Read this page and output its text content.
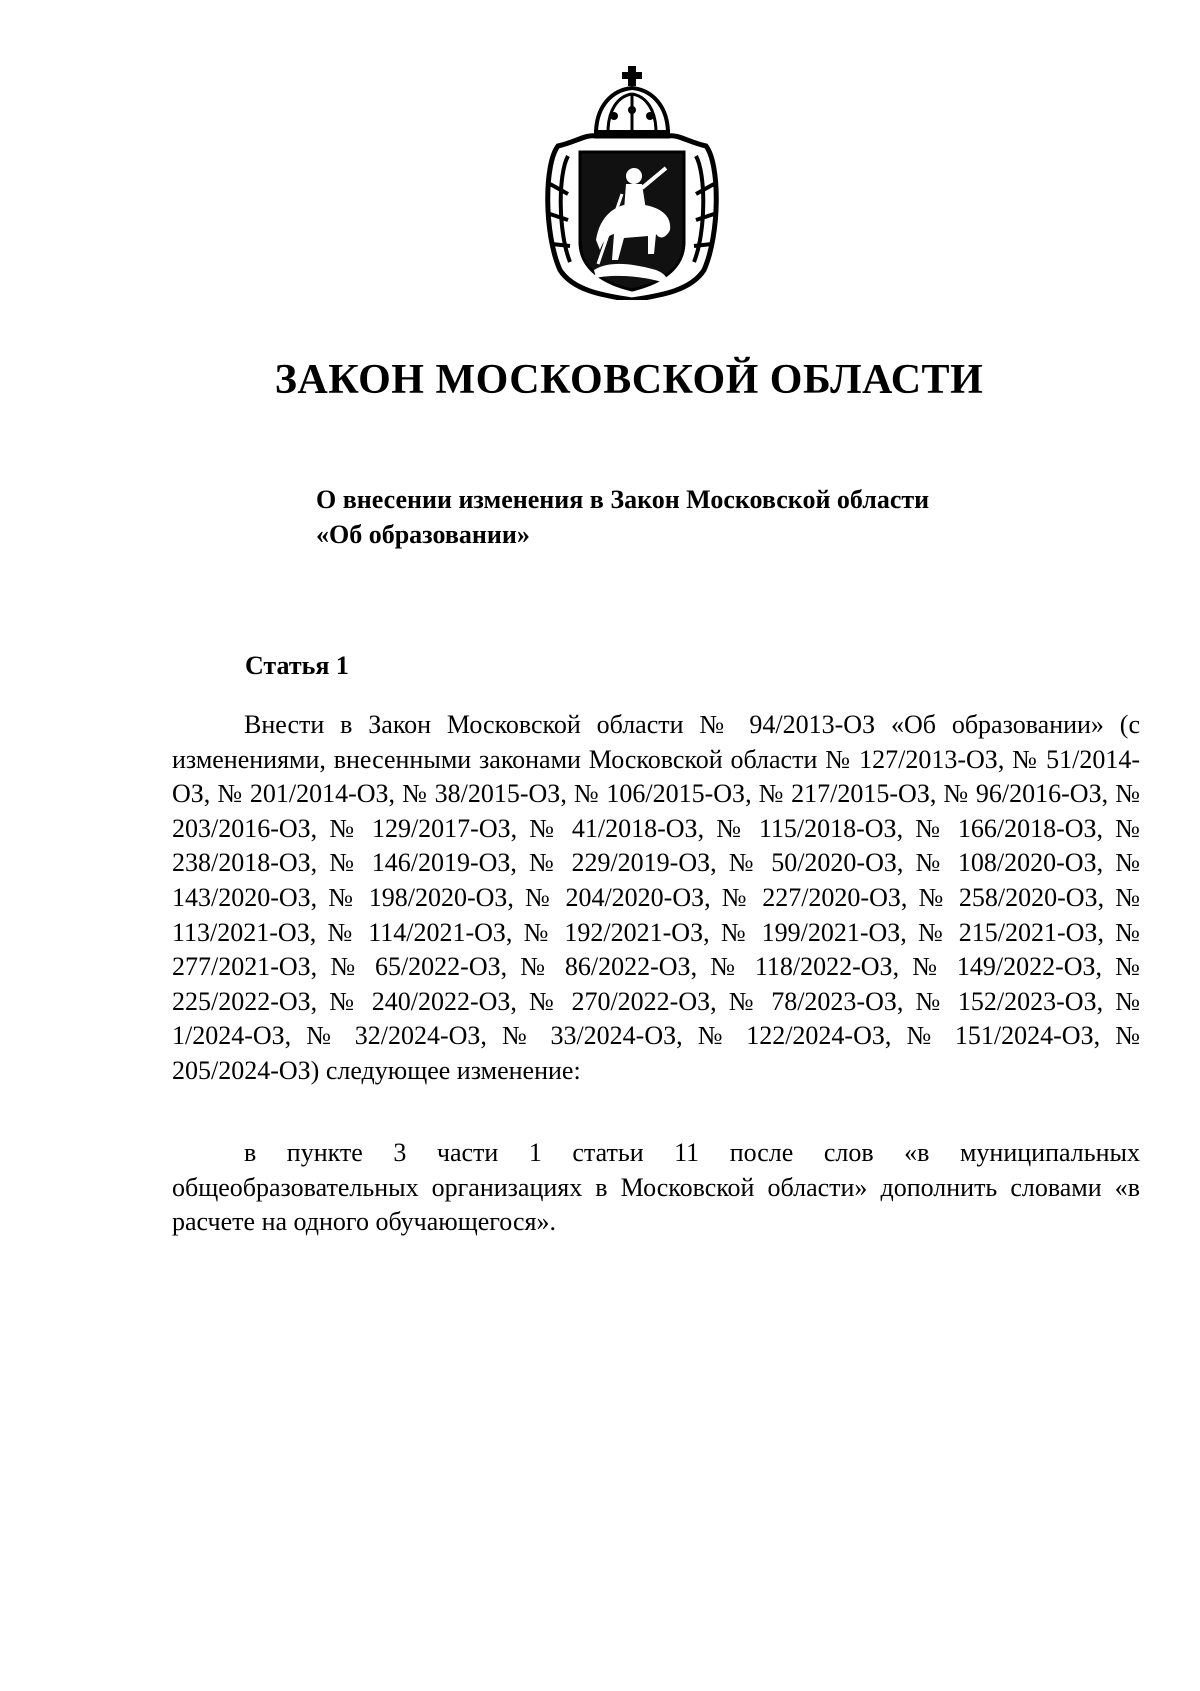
ЗАКОН МОСКОВСКОЙ ОБЛАСТИ
О внесении изменения в Закон Московской области
«Об образовании»
Статья 1

Внести в Закон Московской области № 94/2013-ОЗ «Об образовании» (с изменениями, внесенными законами Московской области № 127/2013-ОЗ, № 51/2014-ОЗ, № 201/2014-ОЗ, № 38/2015-ОЗ, № 106/2015-ОЗ, № 217/2015-ОЗ, № 96/2016-ОЗ, № 203/2016-ОЗ, № 129/2017-ОЗ, № 41/2018-ОЗ, № 115/2018-ОЗ, № 166/2018-ОЗ, № 238/2018-ОЗ, № 146/2019-ОЗ, № 229/2019-ОЗ, № 50/2020-ОЗ, № 108/2020-ОЗ, № 143/2020-ОЗ, № 198/2020-ОЗ, № 204/2020-ОЗ, № 227/2020-ОЗ, № 258/2020-ОЗ, № 113/2021-ОЗ, № 114/2021-ОЗ, № 192/2021-ОЗ, № 199/2021-ОЗ, № 215/2021-ОЗ, № 277/2021-ОЗ, № 65/2022-ОЗ, № 86/2022-ОЗ, № 118/2022-ОЗ, № 149/2022-ОЗ, № 225/2022-ОЗ, № 240/2022-ОЗ, № 270/2022-ОЗ, № 78/2023-ОЗ, № 152/2023-ОЗ, № 1/2024-ОЗ, № 32/2024-ОЗ, № 33/2024-ОЗ, № 122/2024-ОЗ, № 151/2024-ОЗ, № 205/2024-ОЗ) следующее изменение:

в пункте 3 части 1 статьи 11 после слов «в муниципальных общеобразовательных организациях в Московской области» дополнить словами «в расчете на одного обучающегося».
